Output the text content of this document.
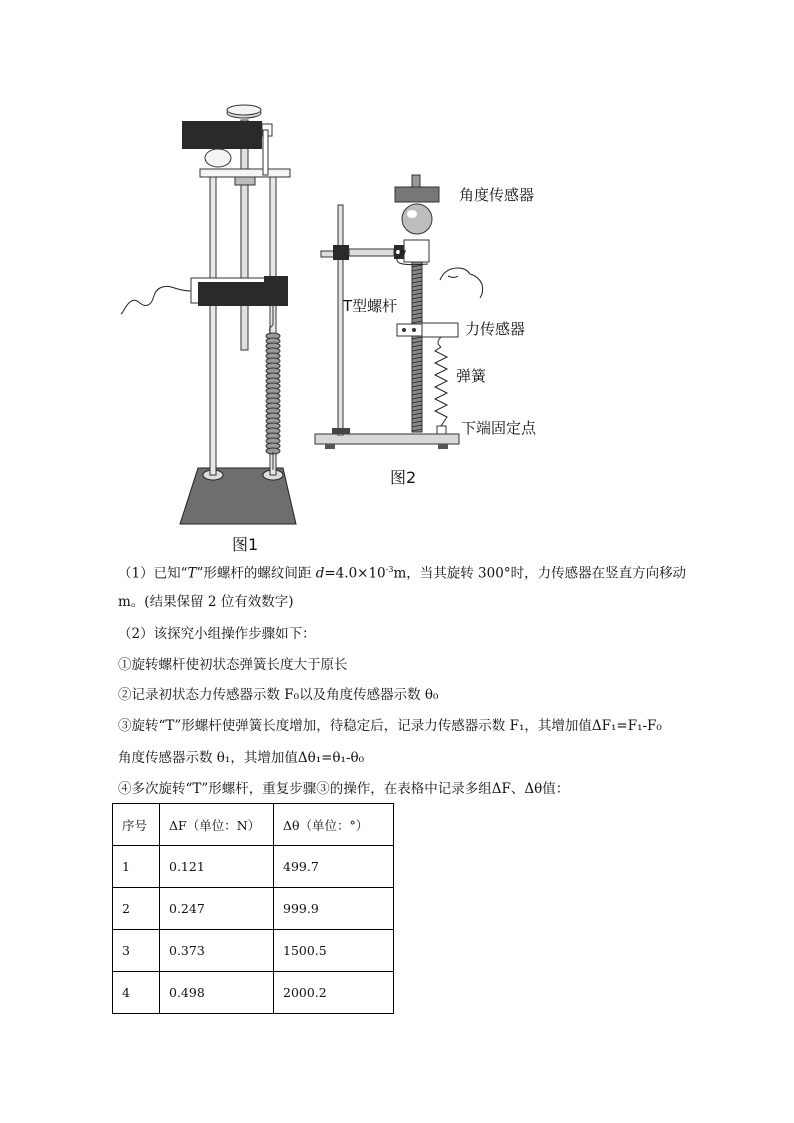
图1
图2
角度传感器
T型螺杆
力传感器
弹簧
下端固定点
（1）已知“T”形螺杆的螺纹间距 $d=4.0\times 10^{-3}m$，当其旋转 300°时，力传感器在竖直方向移动
m。(结果保留 2 位有效数字)
（2）该探究小组操作步骤如下：
①旋转螺杆使初状态弹簧长度大于原长
②记录初状态力传感器示数 F₀以及角度传感器示数 θ₀
③旋转“T”形螺杆使弹簧长度增加，待稳定后，记录力传感器示数 F₁，其增加值ΔF₁=F₁-F₀
角度传感器示数 θ₁，其增加值Δθ₁=θ₁-θ₀
④多次旋转“T”形螺杆，重复步骤③的操作，在表格中记录多组ΔF、Δθ值：
序号	ΔF（单位：N）	Δθ（单位：°）
1	0.121	499.7
2	0.247	999.9
3	0.373	1500.5
4	0.498	2000.2
